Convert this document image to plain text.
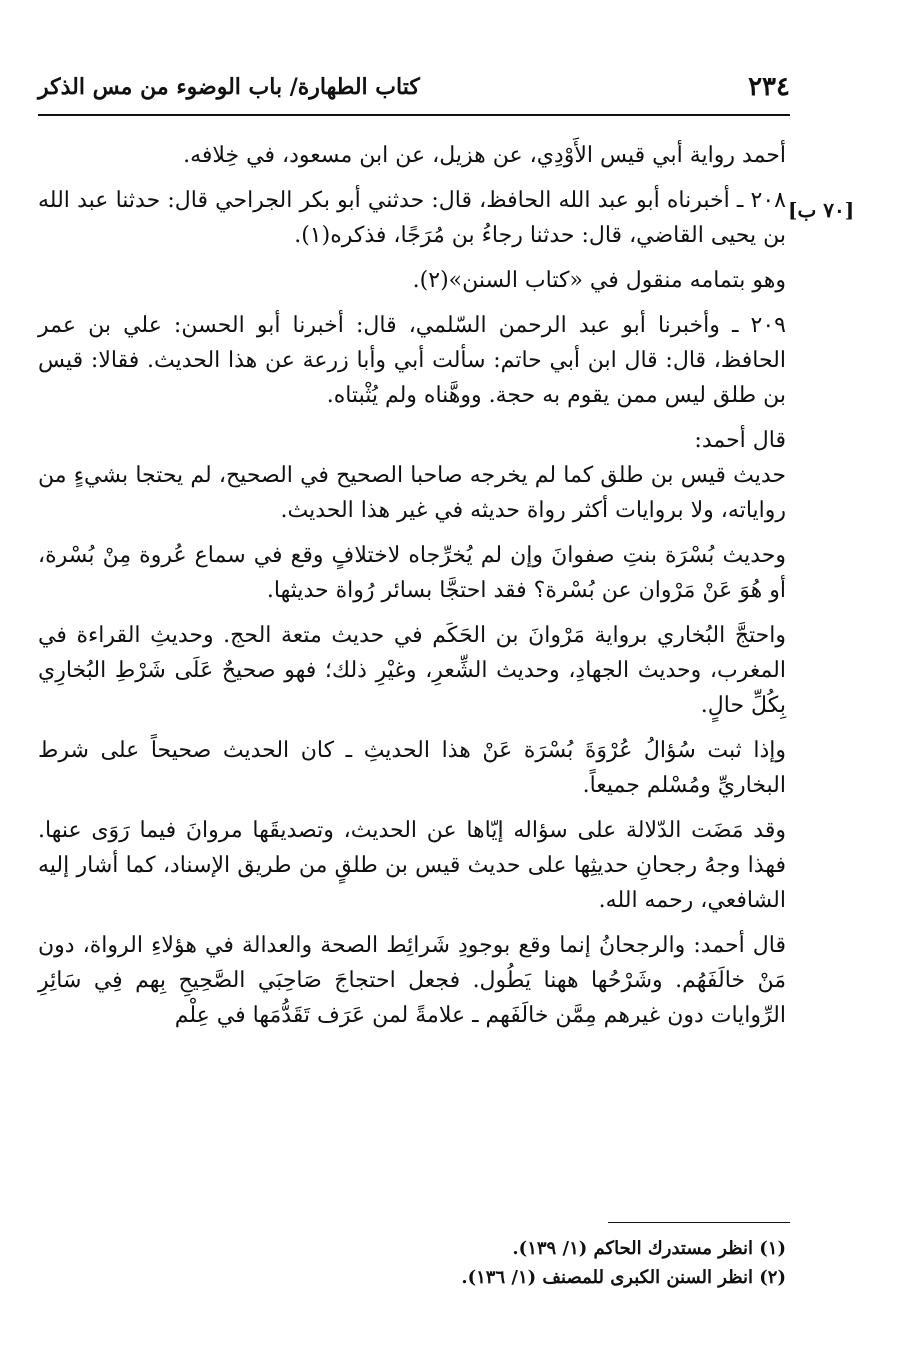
٢٣٤
كتاب الطهارة/ باب الوضوء من مس الذكر
[٧٠ ب]

أحمد رواية أبي قيس الأَوْدِي، عن هزيل، عن ابن مسعود، في خِلافه.

٢٠٨ ـ أخبرناه أبو عبد الله الحافظ، قال: حدثني أبو بكر الجراحي قال: حدثنا عبد الله بن يحيى القاضي، قال: حدثنا رجاءُ بن مُرَجًا، فذكره(١).

وهو بتمامه منقول في «كتاب السنن»(٢).

٢٠٩ ـ وأخبرنا أبو عبد الرحمن السّلمي، قال: أخبرنا أبو الحسن: علي بن عمر الحافظ، قال: قال ابن أبي حاتم: سألت أبي وأبا زرعة عن هذا الحديث. فقالا: قيس بن طلق ليس ممن يقوم به حجة. ووهَّناه ولم يُثْبتاه.

قال أحمد:

حديث قيس بن طلق كما لم يخرجه صاحبا الصحيح في الصحيح، لم يحتجا بشيءٍ من رواياته، ولا بروايات أكثر رواة حديثه في غير هذا الحديث.

وحديث بُسْرَة بنتِ صفوانَ وإن لم يُخرِّجاه لاختلافٍ وقع في سماع عُروة مِنْ بُسْرة، أو هُوَ عَنْ مَرْوان عن بُسْرة؟ فقد احتجَّا بسائر رُواة حديثها.

واحتجَّ البُخاري برواية مَرْوانَ بن الحَكَم في حديث متعة الحج. وحديثِ القراءة في المغرب، وحديث الجهادِ، وحديث الشِّعرِ، وغيْرِ ذلك؛ فهو صحيحٌ عَلَى شَرْطِ البُخارِي بِكُلِّ حالٍ.

وإذا ثبت سُؤالُ عُرْوَةَ بُسْرَة عَنْ هذا الحديثِ ـ كان الحديث صحيحاً على شرط البخاريِّ ومُسْلم جميعاً.

وقد مَضَت الدّلالة على سؤاله إيّاها عن الحديث، وتصديقَها مروانَ فيما رَوَى عنها. فهذا وجهُ رجحانِ حديثِها على حديث قيس بن طلقٍ من طريق الإسناد، كما أشار إليه الشافعي، رحمه الله.

قال أحمد: والرجحانُ إنما وقع بوجودِ شَرائِط الصحة والعدالة في هؤلاءِ الرواة، دون مَنْ خالَفَهُم. وشَرْحُها ههنا يَطُول. فجعل احتجاجَ صَاحِبَي الصَّحِيحِ بِهم فِي سَائِرِ الرِّوايات دون غيرهم مِمَّن خالَفَهم ـ علامةً لمن عَرَف تَقَدُّمَها في عِلْم

(١) انظر مستدرك الحاكم (١/ ١٣٩).
(٢) انظر السنن الكبرى للمصنف (١/ ١٣٦).
